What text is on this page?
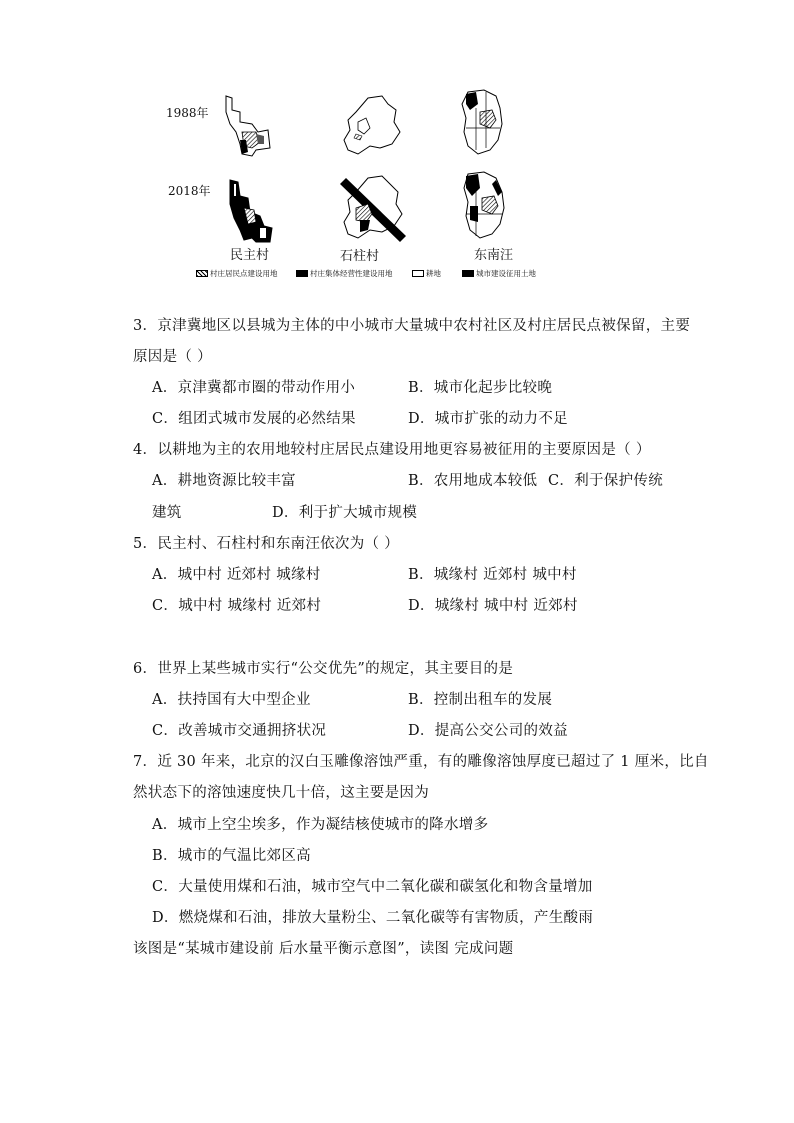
1988年
2018年
民主村	石柱村	东南汪
村庄居民点建设用地	村庄集体经营性建设用地	耕地	城市建设征用土地
3．京津冀地区以县城为主体的中小城市大量城中农村社区及村庄居民点被保留，主要
原因是（ ）
A．京津冀都市圈的带动作用小	B．城市化起步比较晚
C．组团式城市发展的必然结果	D．城市扩张的动力不足
4．以耕地为主的农用地较村庄居民点建设用地更容易被征用的主要原因是（ ）
A．耕地资源比较丰富	B．农用地成本较低 C．利于保护传统
建筑	D．利于扩大城市规模
5．民主村、石柱村和东南汪依次为（ ）
A．城中村 近郊村 城缘村	B．城缘村 近郊村 城中村
C．城中村 城缘村 近郊村	D．城缘村 城中村 近郊村
6．世界上某些城市实行“公交优先”的规定，其主要目的是
A．扶持国有大中型企业	B．控制出租车的发展
C．改善城市交通拥挤状况	D．提高公交公司的效益
7．近 30 年来，北京的汉白玉雕像溶蚀严重，有的雕像溶蚀厚度已超过了 1 厘米，比自
然状态下的溶蚀速度快几十倍，这主要是因为
A．城市上空尘埃多，作为凝结核使城市的降水增多
B．城市的气温比郊区高
C．大量使用煤和石油，城市空气中二氧化碳和碳氢化和物含量增加
D．燃烧煤和石油，排放大量粉尘、二氧化碳等有害物质，产生酸雨
该图是“某城市建设前 后水量平衡示意图”，读图 完成问题
